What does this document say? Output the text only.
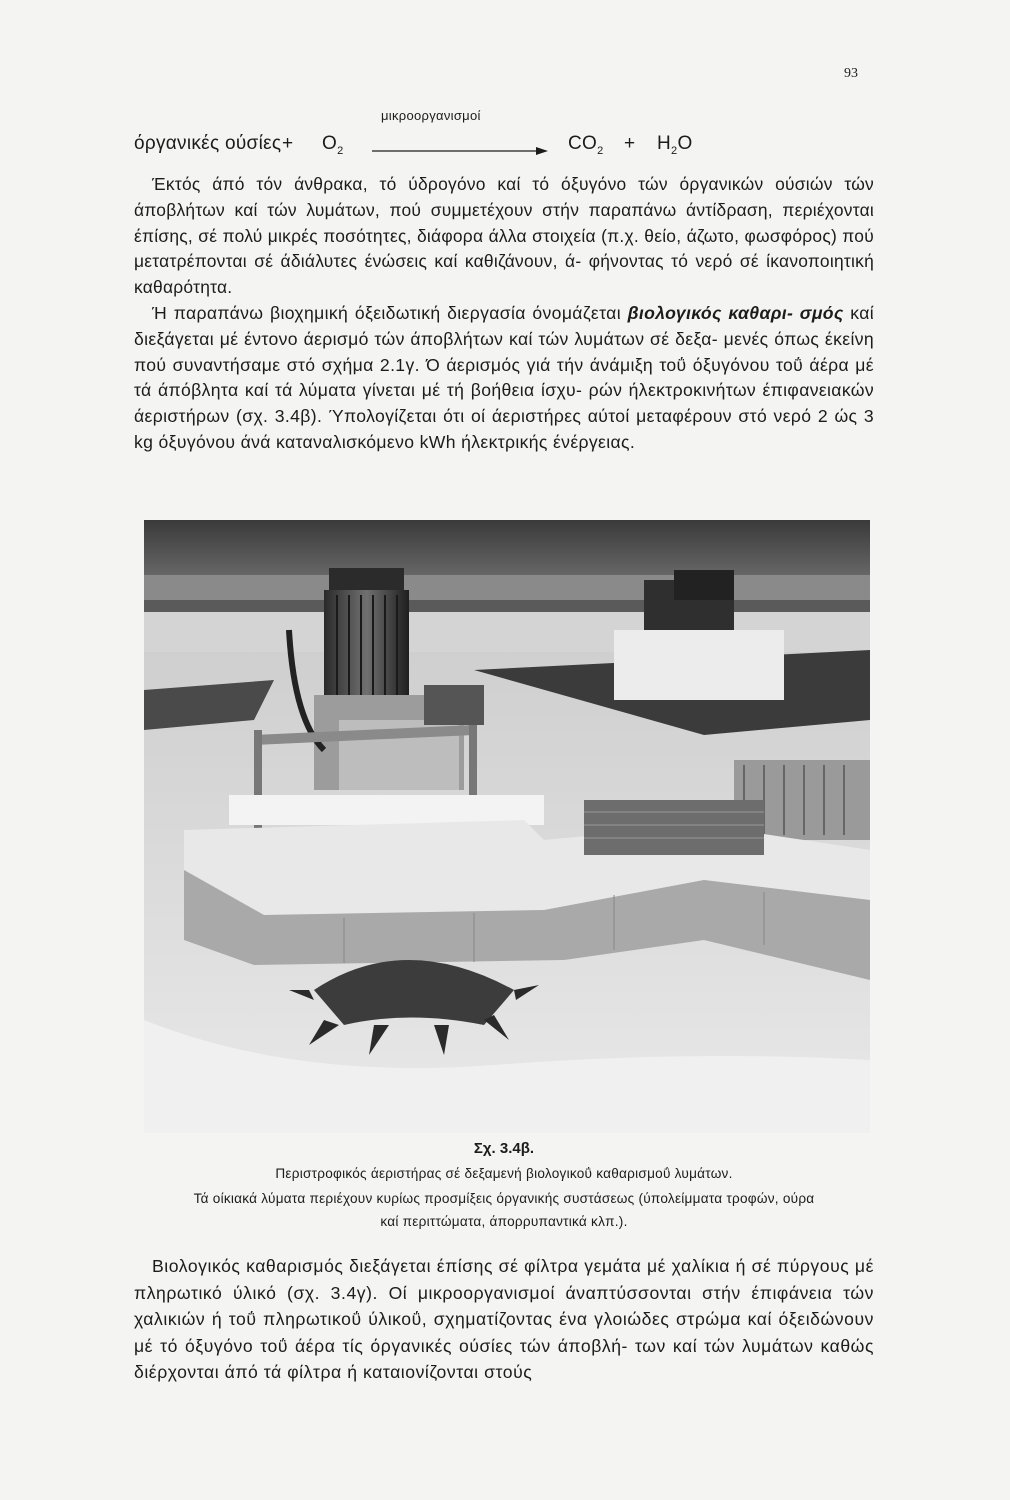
93
όργανικές $oύ\sigma ί\varepsilon\varsigma + O_2$
μικροοργανισμοί
$CO_2 + H_2O$

Έκτός άπό τόν άνθρακα, τό ύδρογόνο καί τό όξυγόνο τών όργανικών ούσιών τών άποβλήτων καί τών λυμάτων, πού συμμετέχουν στήν παραπάνω άντίδραση, περιέχονται έπίσης, σέ πολύ μικρές ποσότητες, διάφορα άλλα στοιχεία (π.χ. θείο, άζωτο, φωσφόρος) πού μετατρέπονται σέ άδιάλυτες ένώσεις καί καθιζάνουν, ά- φήνοντας τό νερό σέ ίκανοποιητική καθαρότητα.

Ή παραπάνω βιοχημική όξειδωτική διεργασία όνομάζεται βιολογικός καθαρι- σμός καί διεξάγεται μέ έντονο άερισμό τών άποβλήτων καί τών λυμάτων σέ δεξα- μενές όπως έκείνη πού συναντήσαμε στό σχήμα 2.1γ. Ό άερισμός γιά τήν άνάμιξη τοΰ όξυγόνου τοΰ άέρα μέ τά άπόβλητα καί τά λύματα γίνεται μέ τή βοήθεια ίσχυ- ρών ήλεκτροκινήτων έπιφανειακών άεριστήρων (σχ. 3.4β). Ύπολογίζεται ότι οί άεριστήρες αύτοί μεταφέρουν στό νερό 2 ώς 3 kg όξυγόνου άνά καταναλισκόμενο kWh ήλεκτρικής ένέργειας.

Σχ. 3.4β.
Περιστροφικός άεριστήρας σέ δεξαμενή βιολογικοΰ καθαρισμοΰ λυμάτων.
Τά οίκιακά λύματα περιέχουν κυρίως προσμίξεις όργανικής συστάσεως (ύπολείμματα τροφών, ούρα
καί περιττώματα, άπορρυπαντικά κλπ.).

Βιολογικός καθαρισμός διεξάγεται έπίσης σέ φίλτρα γεμάτα μέ χαλίκια ή σέ πύργους μέ πληρωτικό ύλικό (σχ. 3.4γ). Οί μικροοργανισμοί άναπτύσσονται στήν έπιφάνεια τών χαλικιών ή τοΰ πληρωτικοΰ ύλικοΰ, σχηματίζοντας ένα γλοιώδες στρώμα καί όξειδώνουν μέ τό όξυγόνο τοΰ άέρα τίς όργανικές ούσίες τών άποβλή- των καί τών λυμάτων καθώς διέρχονται άπό τά φίλτρα ή καταιονίζονται στούς
